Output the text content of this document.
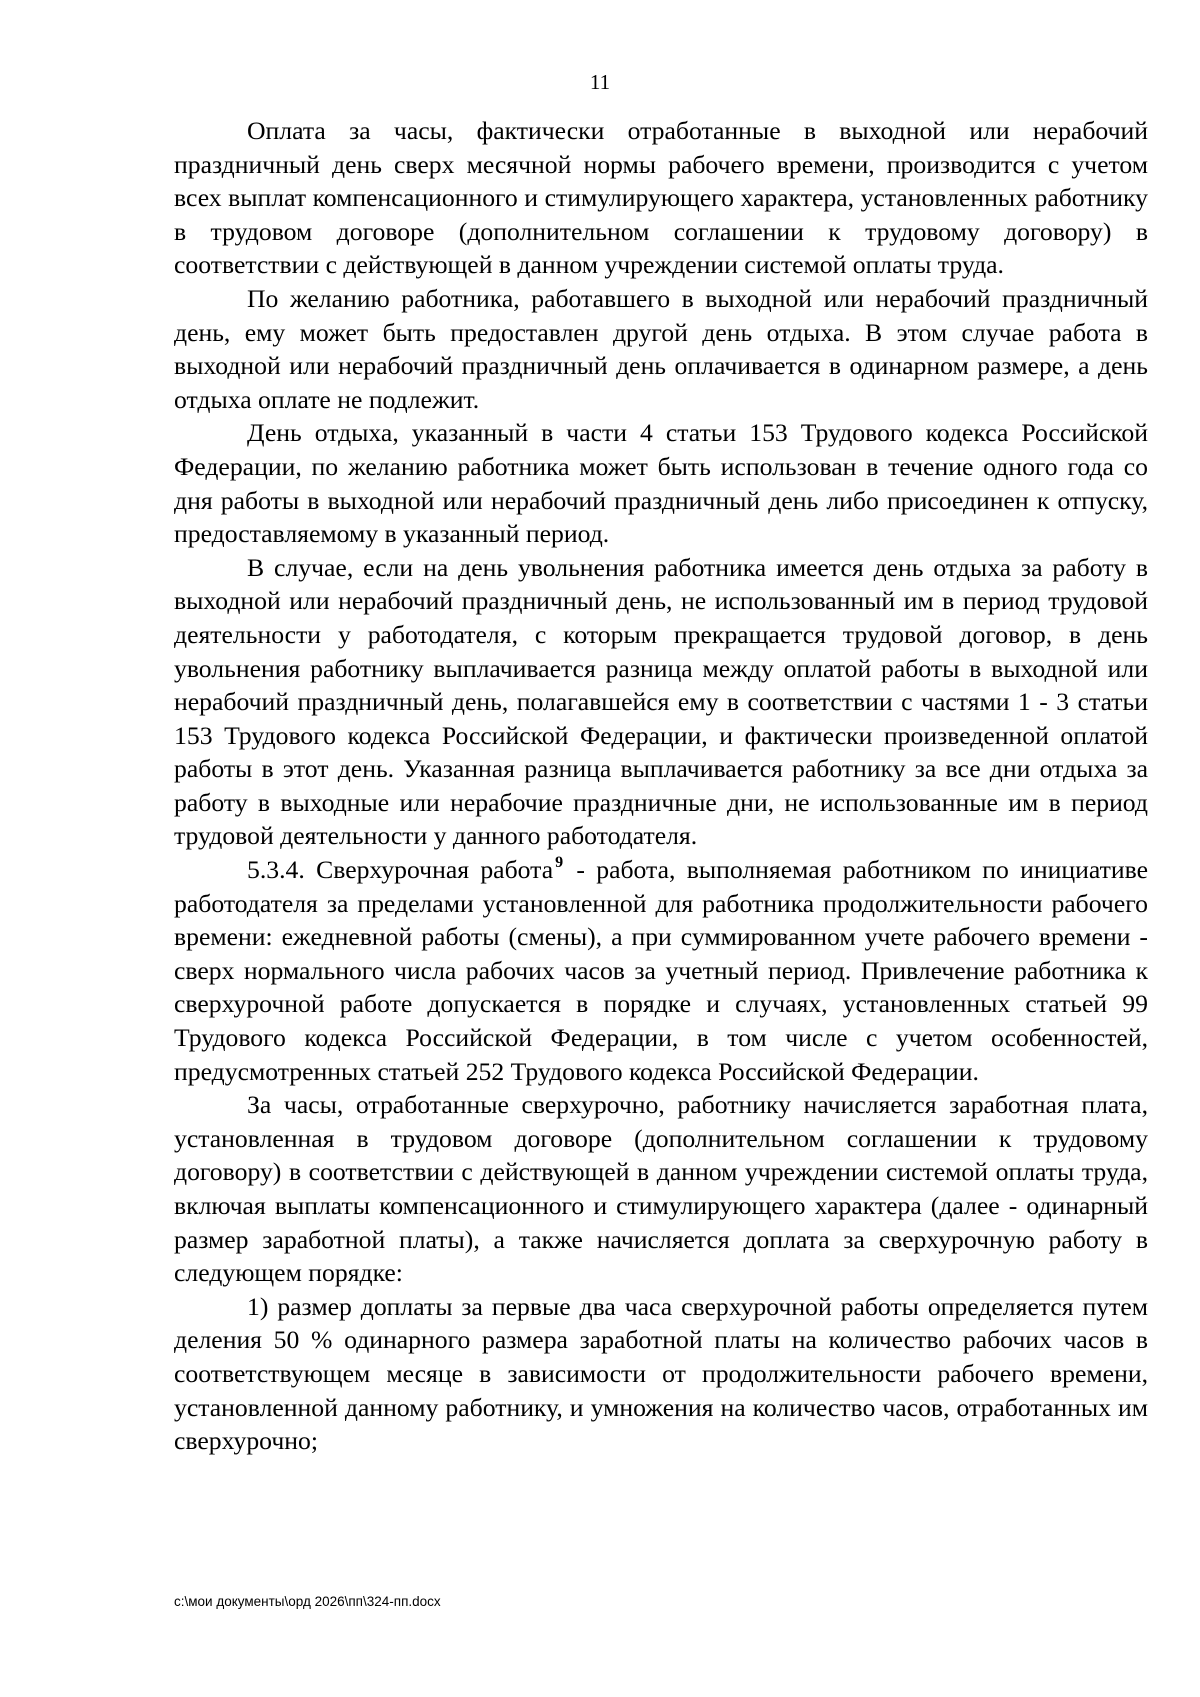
11

Оплата за часы, фактически отработанные в выходной или нерабочий праздничный день сверх месячной нормы рабочего времени, производится с учетом всех выплат компенсационного и стимулирующего характера, установленных работнику в трудовом договоре (дополнительном соглашении к трудовому договору) в соответствии с действующей в данном учреждении системой оплаты труда.

По желанию работника, работавшего в выходной или нерабочий праздничный день, ему может быть предоставлен другой день отдыха. В этом случае работа в выходной или нерабочий праздничный день оплачивается в одинарном размере, а день отдыха оплате не подлежит.

День отдыха, указанный в части 4 статьи 153 Трудового кодекса Российской Федерации, по желанию работника может быть использован в течение одного года со дня работы в выходной или нерабочий праздничный день либо присоединен к отпуску, предоставляемому в указанный период.

В случае, если на день увольнения работника имеется день отдыха за работу в выходной или нерабочий праздничный день, не использованный им в период трудовой деятельности у работодателя, с которым прекращается трудовой договор, в день увольнения работнику выплачивается разница между оплатой работы в выходной или нерабочий праздничный день, полагавшейся ему в соответствии с частями 1 - 3 статьи 153 Трудового кодекса Российской Федерации, и фактически произведенной оплатой работы в этот день. Указанная разница выплачивается работнику за все дни отдыха за работу в выходные или нерабочие праздничные дни, не использованные им в период трудовой деятельности у данного работодателя.

5.3.4. Сверхурочная работа $^9$ - работа, выполняемая работником по инициативе работодателя за пределами установленной для работника продолжительности рабочего времени: ежедневной работы (смены), а при суммированном учете рабочего времени - сверх нормального числа рабочих часов за учетный период. Привлечение работника к сверхурочной работе допускается в порядке и случаях, установленных статьей 99 Трудового кодекса Российской Федерации, в том числе с учетом особенностей, предусмотренных статьей 252 Трудового кодекса Российской Федерации.

За часы, отработанные сверхурочно, работнику начисляется заработная плата, установленная в трудовом договоре (дополнительном соглашении к трудовому договору) в соответствии с действующей в данном учреждении системой оплаты труда, включая выплаты компенсационного и стимулирующего характера (далее - одинарный размер заработной платы), а также начисляется доплата за сверхурочную работу в следующем порядке:

1) размер доплаты за первые два часа сверхурочной работы определяется путем деления 50 % одинарного размера заработной платы на количество рабочих часов в соответствующем месяце в зависимости от продолжительности рабочего времени, установленной данному работнику, и умножения на количество часов, отработанных им сверхурочно;

c:\мои документы\орд 2026\пп\324-пп.docx
